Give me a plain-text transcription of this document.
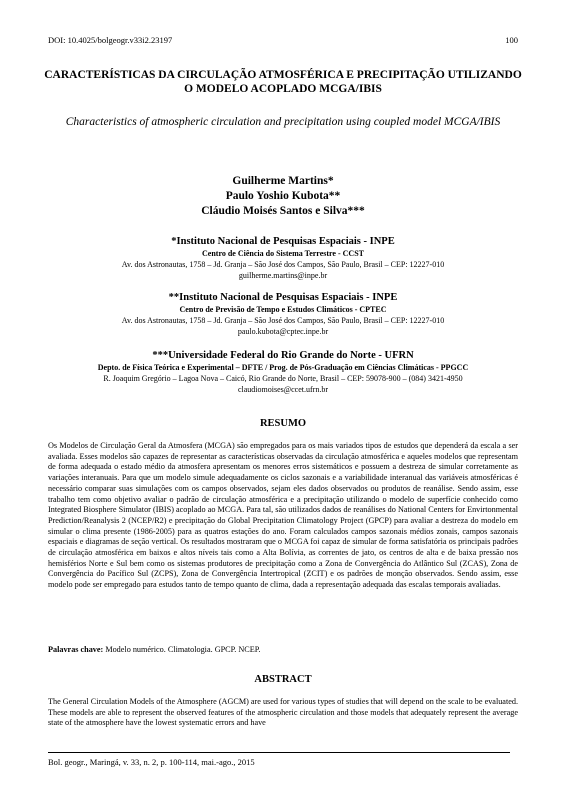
DOI: 10.4025/bolgeogr.v33i2.23197	100
CARACTERÍSTICAS DA CIRCULAÇÃO ATMOSFÉRICA E PRECIPITAÇÃO UTILIZANDO O MODELO ACOPLADO MCGA/IBIS
Characteristics of atmospheric circulation and precipitation using coupled model MCGA/IBIS
Guilherme Martins*
Paulo Yoshio Kubota**
Cláudio Moisés Santos e Silva***
*Instituto Nacional de Pesquisas Espaciais - INPE
Centro de Ciência do Sistema Terrestre - CCST
Av. dos Astronautas, 1758 – Jd. Granja – São José dos Campos, São Paulo, Brasil – CEP: 12227-010
guilherme.martins@inpe.br
**Instituto Nacional de Pesquisas Espaciais - INPE
Centro de Previsão de Tempo e Estudos Climáticos - CPTEC
Av. dos Astronautas, 1758 – Jd. Granja – São José dos Campos, São Paulo, Brasil – CEP: 12227-010
paulo.kubota@cptec.inpe.br
***Universidade Federal do Rio Grande do Norte - UFRN
Depto. de Física Teórica e Experimental – DFTE / Prog. de Pós-Graduação em Ciências Climáticas - PPGCC
R. Joaquim Gregório – Lagoa Nova – Caicó, Rio Grande do Norte, Brasil – CEP: 59078-900 – (084) 3421-4950
claudiomoises@ccet.ufrn.br
RESUMO
Os Modelos de Circulação Geral da Atmosfera (MCGA) são empregados para os mais variados tipos de estudos que dependerá da escala a ser avaliada. Esses modelos são capazes de representar as características observadas da circulação atmosférica e aqueles modelos que representam de forma adequada o estado médio da atmosfera apresentam os menores erros sistemáticos e possuem a destreza de simular corretamente as variações interanuais. Para que um modelo simule adequadamente os ciclos sazonais e a variabilidade interanual das variáveis atmosféricas é necessário comparar suas simulações com os campos observados, sejam eles dados observados ou produtos de reanálise. Sendo assim, esse trabalho tem como objetivo avaliar o padrão de circulação atmosférica e a precipitação utilizando o modelo de superfície conhecido como Integrated Biosphere Simulator (IBIS) acoplado ao MCGA. Para tal, são utilizados dados de reanálises do National Centers for Envirtonmental Prediction/Reanalysis 2 (NCEP/R2) e precipitação do Global Precipitation Climatology Project (GPCP) para avaliar a destreza do modelo em simular o clima presente (1986-2005) para as quatros estações do ano. Foram calculados campos sazonais médios zonais, campos sazonais espaciais e diagramas de seção vertical. Os resultados mostraram que o MCGA foi capaz de simular de forma satisfatória os principais padrões de circulação atmosférica em baixos e altos níveis tais como a Alta Bolívia, as correntes de jato, os centros de alta e de baixa pressão nos hemisférios Norte e Sul bem como os sistemas produtores de precipitação como a Zona de Convergência do Atlântico Sul (ZCAS), Zona de Convergência do Pacífico Sul (ZCPS), Zona de Convergência Intertropical (ZCIT) e os padrões de monção observados. Sendo assim, esse modelo pode ser empregado para estudos tanto de tempo quanto de clima, dada a representação adequada das escalas temporais avaliadas.
Palavras chave: Modelo numérico. Climatologia. GPCP. NCEP.
ABSTRACT
The General Circulation Models of the Atmosphere (AGCM) are used for various types of studies that will depend on the scale to be evaluated. These models are able to represent the observed features of the atmospheric circulation and those models that adequately represent the average state of the atmosphere have the lowest systematic errors and have
Bol. geogr., Maringá, v. 33, n. 2, p. 100-114, mai.-ago., 2015
